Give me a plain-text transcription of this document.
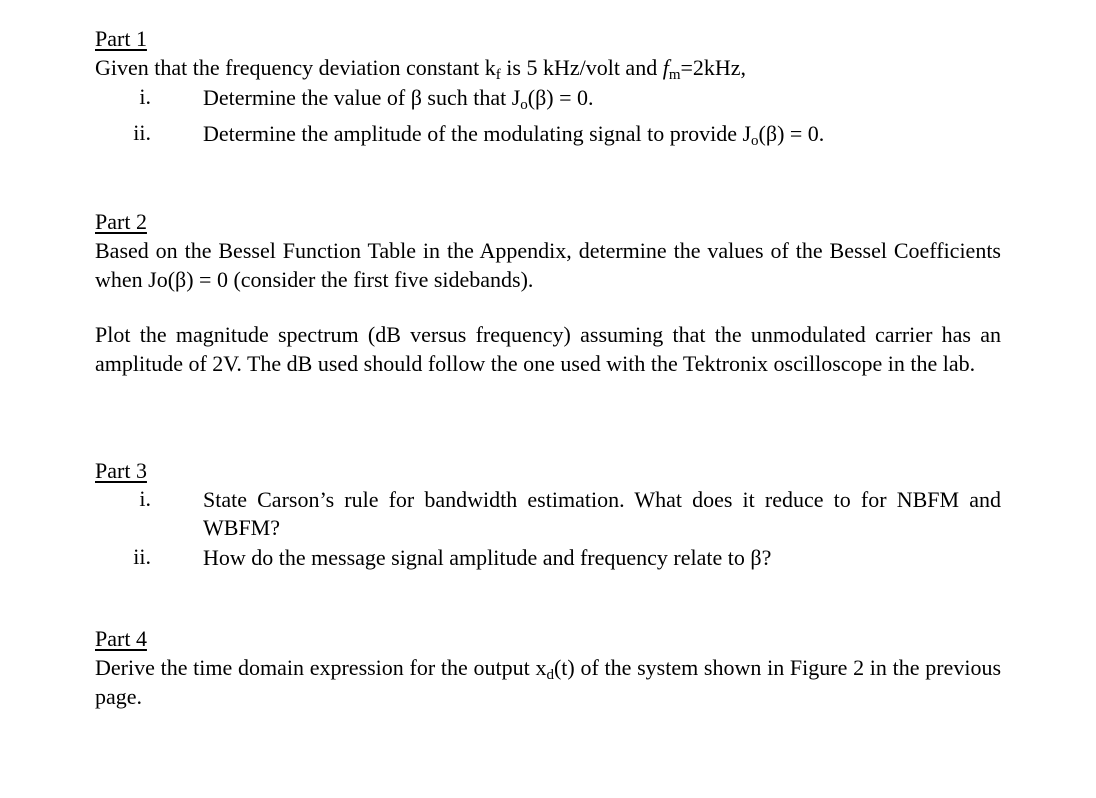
Part 1
Given that the frequency deviation constant $k_f$ is 5 kHz/volt and $f_m=2kHz$,
i. Determine the value of β such that $J_o(\beta) = 0$.
ii. Determine the amplitude of the modulating signal to provide $J_o(\beta) = 0$.
Part 2
Based on the Bessel Function Table in the Appendix, determine the values of the Bessel Coefficients when Jo(β) = 0 (consider the first five sidebands).
Plot the magnitude spectrum (dB versus frequency) assuming that the unmodulated carrier has an amplitude of 2V. The dB used should follow the one used with the Tektronix oscilloscope in the lab.
Part 3
i. State Carson’s rule for bandwidth estimation. What does it reduce to for NBFM and WBFM?
ii. How do the message signal amplitude and frequency relate to β?
Part 4
Derive the time domain expression for the output $x_d(t)$ of the system shown in Figure 2 in the previous page.
